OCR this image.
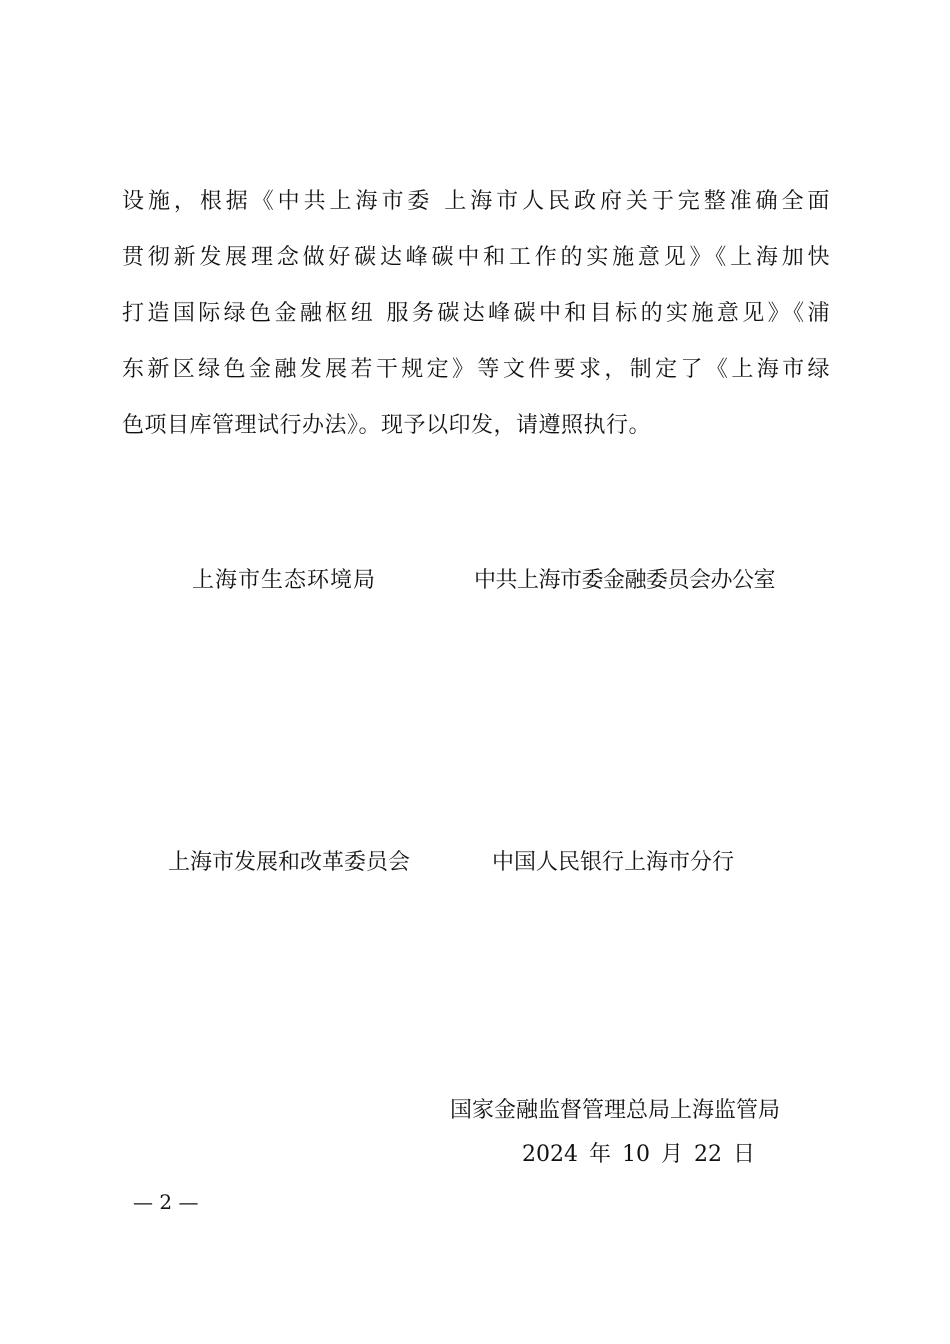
设施，根据《中共上海市委 上海市人民政府关于完整准确全面
贯彻新发展理念做好碳达峰碳中和工作的实施意见》《上海加快
打造国际绿色金融枢纽 服务碳达峰碳中和目标的实施意见》《浦
东新区绿色金融发展若干规定》等文件要求，制定了《上海市绿
色项目库管理试行办法》。现予以印发，请遵照执行。
上海市生态环境局	中共上海市委金融委员会办公室
上海市发展和改革委员会	中国人民银行上海市分行
国家金融监督管理总局上海监管局
2024 年 10 月 22 日
— 2 —
